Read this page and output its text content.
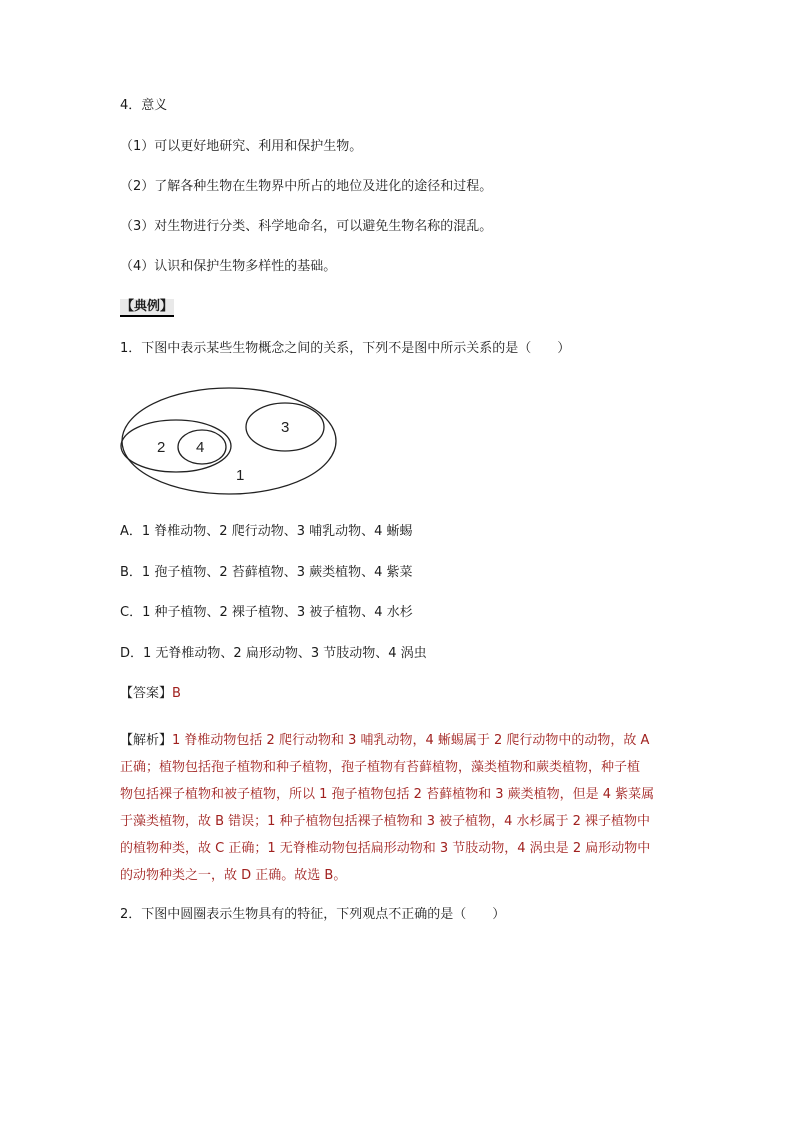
4．意义
（1）可以更好地研究、利用和保护生物。
（2）了解各种生物在生物界中所占的地位及进化的途径和过程。
（3）对生物进行分类、科学地命名，可以避免生物名称的混乱。
（4）认识和保护生物多样性的基础。
【典例】
1．下图中表示某些生物概念之间的关系，下列不是图中所示关系的是（　　）
2 4
3
1
A．1 脊椎动物、2 爬行动物、3 哺乳动物、4 蜥蜴
B．1 孢子植物、2 苔藓植物、3 蕨类植物、4 紫菜
C．1 种子植物、2 裸子植物、3 被子植物、4 水杉
D．1 无脊椎动物、2 扁形动物、3 节肢动物、4 涡虫
【答案】B
【解析】1 脊椎动物包括 2 爬行动物和 3 哺乳动物，4 蜥蜴属于 2 爬行动物中的动物，故 A
正确；植物包括孢子植物和种子植物，孢子植物有苔藓植物，藻类植物和蕨类植物，种子植
物包括裸子植物和被子植物，所以 1 孢子植物包括 2 苔藓植物和 3 蕨类植物，但是 4 紫菜属
于藻类植物，故 B 错误；1 种子植物包括裸子植物和 3 被子植物，4 水杉属于 2 裸子植物中
的植物种类，故 C 正确；1 无脊椎动物包括扁形动物和 3 节肢动物，4 涡虫是 2 扁形动物中
的动物种类之一，故 D 正确。故选 B。
2．下图中圆圈表示生物具有的特征，下列观点不正确的是（　　）
